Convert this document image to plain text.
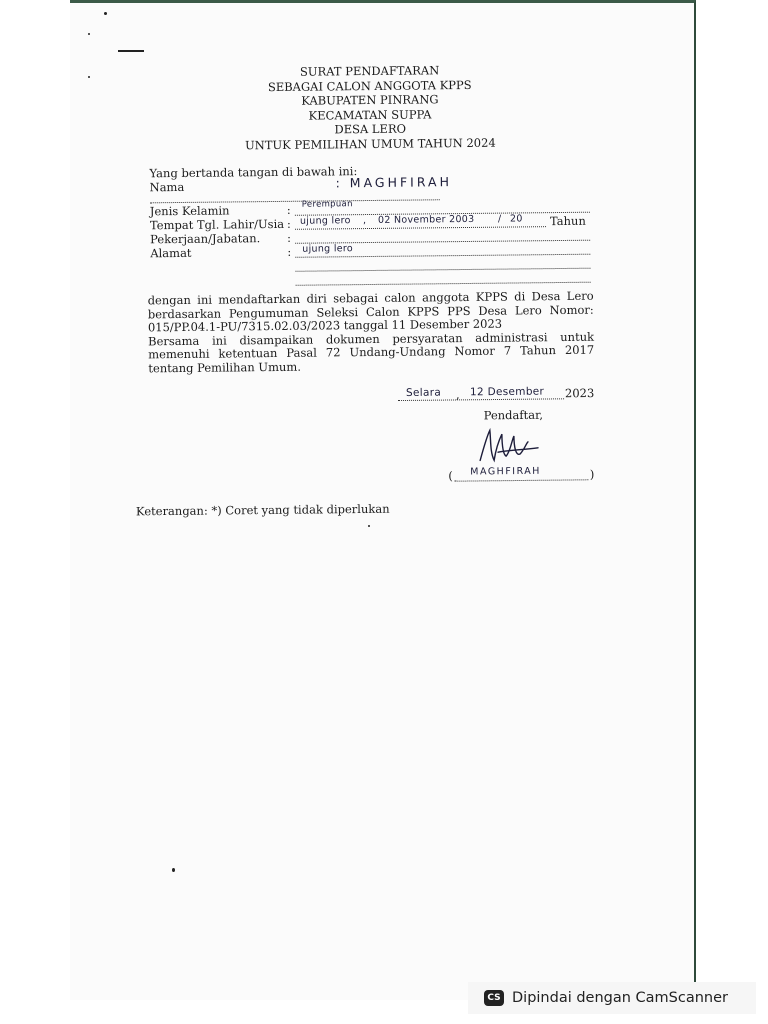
SURAT PENDAFTARAN
SEBAGAI CALON ANGGOTA KPPS
KABUPATEN PINRANG
KECAMATAN SUPPA
DESA LERO
UNTUK PEMILIHAN UMUM TAHUN 2024
Yang bertanda tangan di bawah ini:
Nama	: MAGHFIRAH
Jenis Kelamin	: Perempuan
Tempat Tgl. Lahir/Usia : ujung lero , 02 November 2003 / 20 Tahun
Pekerjaan/Jabatan. :
Alamat	: ujung lero

dengan ini mendaftarkan diri sebagai calon anggota KPPS di Desa Lero berdasarkan Pengumuman Seleksi Calon KPPS PPS Desa Lero Nomor: 015/PP.04.1-PU/7315.02.03/2023 tanggal 11 Desember 2023

Bersama ini disampaikan dokumen persyaratan administrasi untuk memenuhi ketentuan Pasal 72 Undang-Undang Nomor 7 Tahun 2017 tentang Pemilihan Umum.

Selara , 12 Desember 2023
Pendaftar,
( MAGHFIRAH	)
Keterangan: *) Coret yang tidak diperlukan
CS Dipindai dengan CamScanner
